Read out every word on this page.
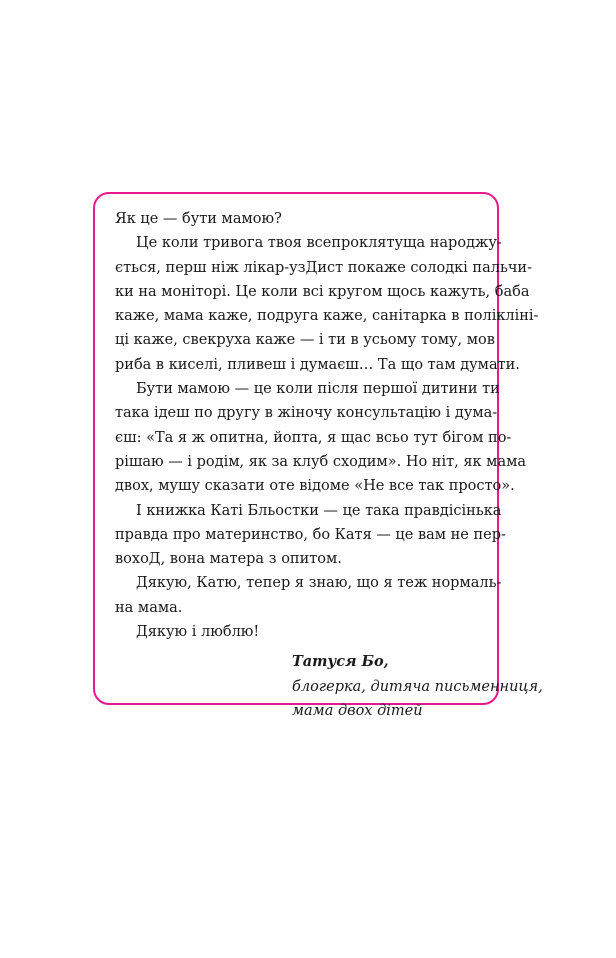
Як це — бути мамою?
Це коли тривога твоя всепроклятуща народжу-
ється, перш ніж лікар-узДист покаже солодкі пальчи-
ки на моніторі. Це коли всі кругом щось кажуть, баба
каже, мама каже, подруга каже, санітарка в полікліні-
ці каже, свекруха каже — і ти в усьому тому, мов
риба в киселі, пливеш і думаєш… Та що там думати.
Бути мамою — це коли після першої дитини ти
така ідеш по другу в жіночу консультацію і дума-
єш: «Та я ж опитна, йопта, я щас всьо тут бігом по-
рішаю — і родім, як за клуб сходим». Но ніт, як мама
двох, мушу сказати оте відоме «Не все так просто».
І книжка Каті Бльостки — це така правдісінька
правда про материнство, бо Катя — це вам не пер-
вохоД, вона матера з опитом.
Дякую, Катю, тепер я знаю, що я теж нормаль-
на мама.
Дякую і люблю!
Татуся Бо,
блогерка, дитяча письменниця,
мама двох дітей
